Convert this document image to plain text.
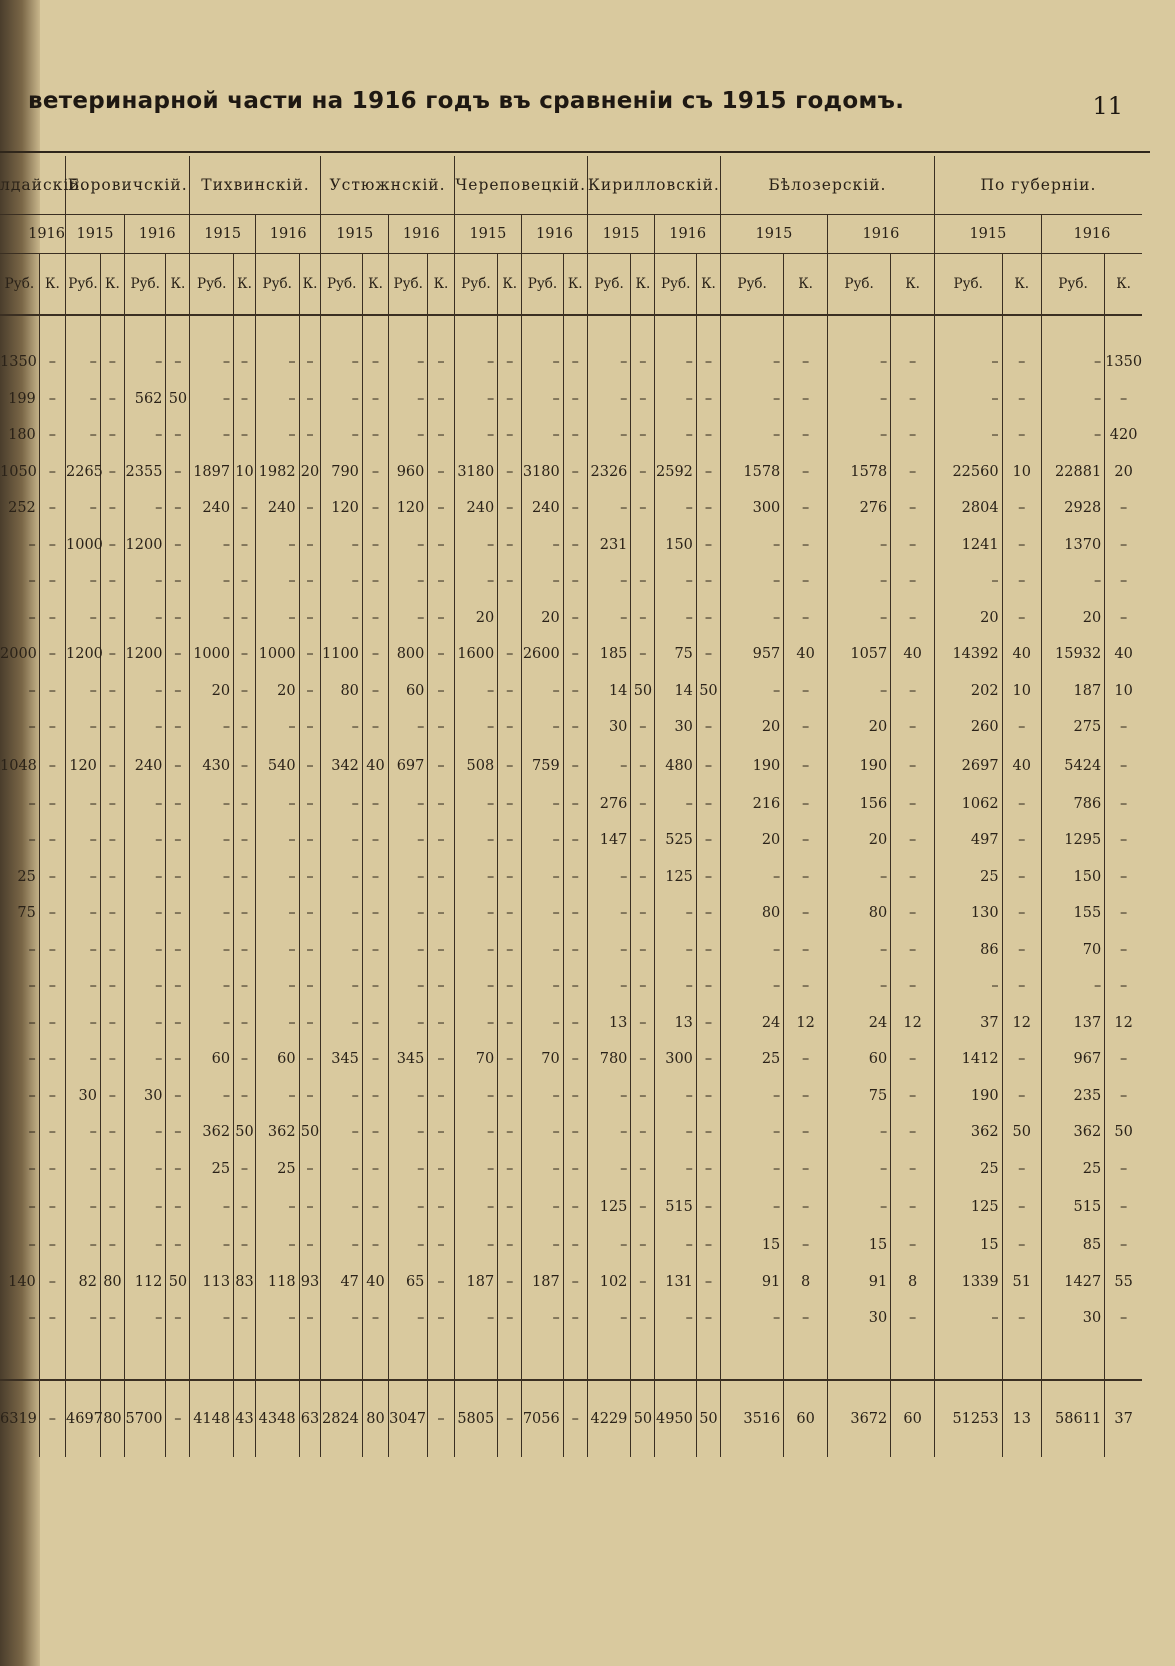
ветеринарной части на 1916 годъ въ сравненіи съ 1915 годомъ.	11
лдайскій.		Боровичскій.				Тихвинскій.				Устюжнскій.				Череповецкій.				Кирилловскій.				Бѣлозерскій.				По губерніи.			
1916		1915		1916		1915		1916		1915		1916		1915		1916		1915		1916		1915		1916		1915		1916	
Руб.	К.	Руб.	К.	Руб.	К.	Руб.	К.	Руб.	К.	Руб.	К.	Руб.	К.	Руб.	К.	Руб.	К.	Руб.	К.	Руб.	К.	Руб.	К.	Руб.	К.	Руб.	К.	Руб.	К.

1350	–	–	–	–	–	–	–	–	–	–	–	–	–	–	–	–	–	–	–	–	–	–	–	–	–	–	–	–	1350
199	–	–	–	562	50	–	–	–	–	–	–	–	–	–	–	–	–	–	–	–	–	–	–	–	–	–	–	–	–
180	–	–	–	–	–	–	–	–	–	–	–	–	–	–	–	–	–	–	–	–	–	–	–	–	–	–	–	–	420
1050	–	2265	–	2355	–	1897	10	1982	20	790	–	960	–	3180	–	3180	–	2326	–	2592	–	1578	–	1578	–	22560	10	22881	20
252	–	–	–	–	–	240	–	240	–	120	–	120	–	240	–	240	–	–	–	–	–	300	–	276	–	2804	–	2928	–
–	–	1000	–	1200	–	–	–	–	–	–	–	–	–	–	–	–	–	231		150	–	–	–	–	–	1241	–	1370	–
–	–	–	–	–	–	–	–	–	–	–	–	–	–	–	–	–	–	–	–	–	–	–	–	–	–	–	–	–	–
–	–	–	–	–	–	–	–	–	–	–	–	–	–	20		20	–	–	–	–	–	–	–	–	–	20	–	20	–
2000	–	1200	–	1200	–	1000	–	1000	–	1100	–	800	–	1600	–	2600	–	185	–	75	–	957	40	1057	40	14392	40	15932	40
–	–	–	–	–	–	20	–	20	–	80	–	60	–	–	–	–	–	14	50	14	50	–	–	–	–	202	10	187	10
–	–	–	–	–	–	–	–	–	–	–	–	–	–	–	–	–	–	30	–	30	–	20	–	20	–	260	–	275	–
1048	–	120	–	240	–	430	–	540	–	342	40	697	–	508	–	759	–	–	–	480	–	190	–	190	–	2697	40	5424	–
–	–	–	–	–	–	–	–	–	–	–	–	–	–	–	–	–	–	276	–	–	–	216	–	156	–	1062	–	786	–
–	–	–	–	–	–	–	–	–	–	–	–	–	–	–	–	–	–	147	–	525	–	20	–	20	–	497	–	1295	–
25	–	–	–	–	–	–	–	–	–	–	–	–	–	–	–	–	–	–	–	125	–	–	–	–	–	25	–	150	–
75	–	–	–	–	–	–	–	–	–	–	–	–	–	–	–	–	–	–	–	–	–	80	–	80	–	130	–	155	–
–	–	–	–	–	–	–	–	–	–	–	–	–	–	–	–	–	–	–	–	–	–	–	–	–	–	86	–	70	–
–	–	–	–	–	–	–	–	–	–	–	–	–	–	–	–	–	–	–	–	–	–	–	–	–	–	–	–	–	–
–	–	–	–	–	–	–	–	–	–	–	–	–	–	–	–	–	–	13	–	13	–	24	12	24	12	37	12	137	12
–	–	–	–	–	–	60	–	60	–	345	–	345	–	70	–	70	–	780	–	300	–	25	–	60	–	1412	–	967	–
–	–	30	–	30	–	–	–	–	–	–	–	–	–	–	–	–	–	–	–	–	–	–	–	75	–	190	–	235	–
–	–	–	–	–	–	362	50	362	50	–	–	–	–	–	–	–	–	–	–	–	–	–	–	–	–	362	50	362	50
–	–	–	–	–	–	25	–	25	–	–	–	–	–	–	–	–	–	–	–	–	–	–	–	–	–	25	–	25	–
–	–	–	–	–	–	–	–	–	–	–	–	–	–	–	–	–	–	125	–	515	–	–	–	–	–	125	–	515	–
–	–	–	–	–	–	–	–	–	–	–	–	–	–	–	–	–	–	–	–	–	–	15	–	15	–	15	–	85	–
140	–	82	80	112	50	113	83	118	93	47	40	65	–	187	–	187	–	102	–	131	–	91	8	91	8	1339	51	1427	55
–	–	–	–	–	–	–	–	–	–	–	–	–	–	–	–	–	–	–	–	–	–	–	–	30	–	–	–	30	–

6319	–	4697	80	5700	–	4148	43	4348	63	2824	80	3047	–	5805	–	7056	–	4229	50	4950	50	3516	60	3672	60	51253	13	58611	37
